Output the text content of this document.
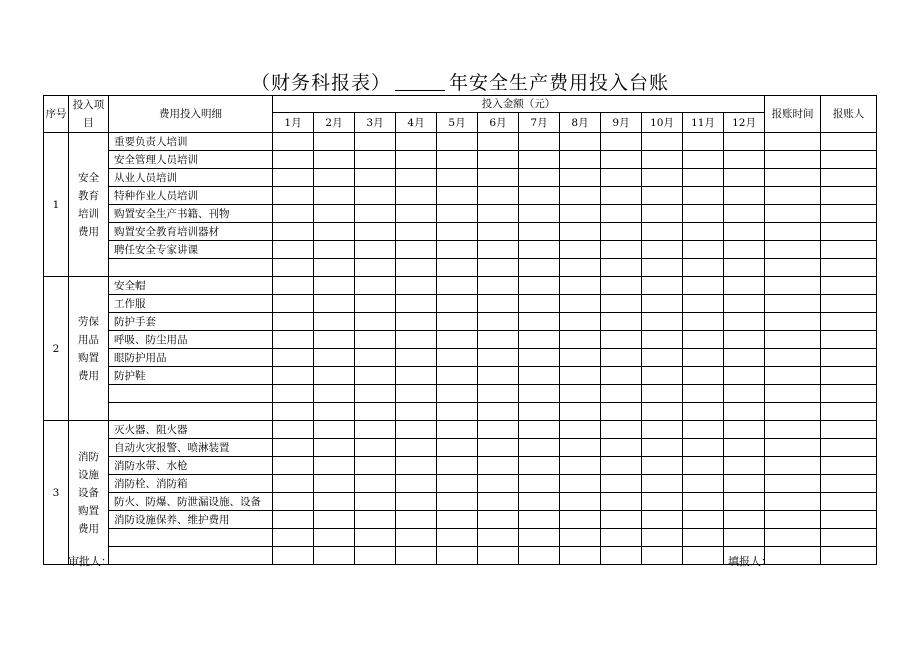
（财务科报表）	年安全生产费用投入台账
序号	投入项目	费用投入明细	投入金额（元）												报账时间	报账人
			1月	2月	3月	4月	5月	6月	7月	8月	9月	10月	11月	12月		
1	安全教育培训费用	重要负责人培训														
		安全管理人员培训														
		从业人员培训														
		特种作业人员培训														
		购置安全生产书籍、刊物														
		购置安全教育培训器材														
		聘任安全专家讲课														

2	劳保用品购置费用	安全帽														
		工作服														
		防护手套														
		呼吸、防尘用品														
		眼防护用品														
		防护鞋														

3	消防设施设备购置费用	灭火器、阻火器														
		自动火灾报警、喷淋装置														
		消防水带、水枪														
		消防栓、消防箱														
		防火、防爆、防泄漏设施、设备														
		消防设施保养、维护费用														

审批人：	填报人：
